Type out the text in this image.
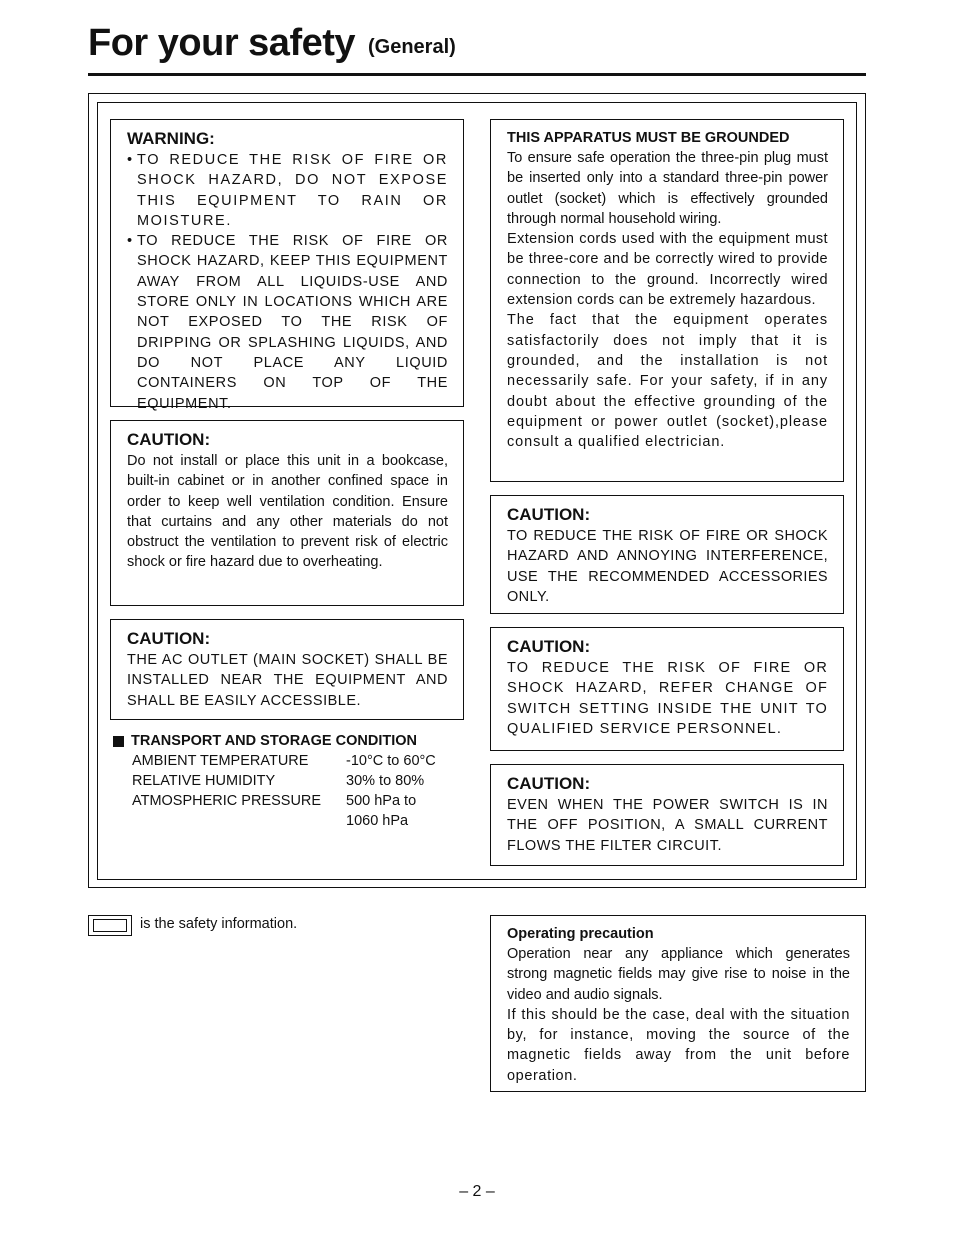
For your safety (General)
WARNING:
• TO REDUCE THE RISK OF FIRE OR SHOCK HAZARD, DO NOT EXPOSE THIS EQUIPMENT TO RAIN OR MOISTURE.
• TO REDUCE THE RISK OF FIRE OR SHOCK HAZARD, KEEP THIS EQUIPMENT AWAY FROM ALL LIQUIDS-USE AND STORE ONLY IN LOCATIONS WHICH ARE NOT EXPOSED TO THE RISK OF DRIPPING OR SPLASHING LIQUIDS, AND DO NOT PLACE ANY LIQUID CONTAINERS ON TOP OF THE EQUIPMENT.
CAUTION:
Do not install or place this unit in a bookcase, built-in cabinet or in another confined space in order to keep well ventilation condition. Ensure that curtains and any other materials do not obstruct the ventilation to prevent risk of electric shock or fire hazard due to overheating.
CAUTION:
THE AC OUTLET (MAIN SOCKET) SHALL BE INSTALLED NEAR THE EQUIPMENT AND SHALL BE EASILY ACCESSIBLE.
TRANSPORT AND STORAGE CONDITION
AMBIENT TEMPERATURE	-10°C to 60°C
RELATIVE HUMIDITY	30% to 80%
ATMOSPHERIC PRESSURE 500 hPa to
1060 hPa
THIS APPARATUS MUST BE GROUNDED

To ensure safe operation the three-pin plug must be inserted only into a standard three-pin power outlet (socket) which is effectively grounded through normal household wiring.

Extension cords used with the equipment must be three-core and be correctly wired to provide connection to the ground. Incorrectly wired extension cords can be extremely hazardous.

The fact that the equipment operates satisfactorily does not imply that it is grounded, and the installation is not necessarily safe. For your safety, if in any doubt about the effective grounding of the equipment or power outlet (socket),please consult a qualified electrician.

CAUTION:
TO REDUCE THE RISK OF FIRE OR SHOCK HAZARD AND ANNOYING INTERFERENCE, USE THE RECOMMENDED ACCESSORIES ONLY.
CAUTION:
TO REDUCE THE RISK OF FIRE OR SHOCK HAZARD, REFER CHANGE OF SWITCH SETTING INSIDE THE UNIT TO QUALIFIED SERVICE PERSONNEL.
CAUTION:
EVEN WHEN THE POWER SWITCH IS IN THE OFF POSITION, A SMALL CURRENT FLOWS THE FILTER CIRCUIT.
is the safety information.
Operating precaution

Operation near any appliance which generates strong magnetic fields may give rise to noise in the video and audio signals.

If this should be the case, deal with the situation by, for instance, moving the source of the magnetic fields away from the unit before operation.

– 2 –
